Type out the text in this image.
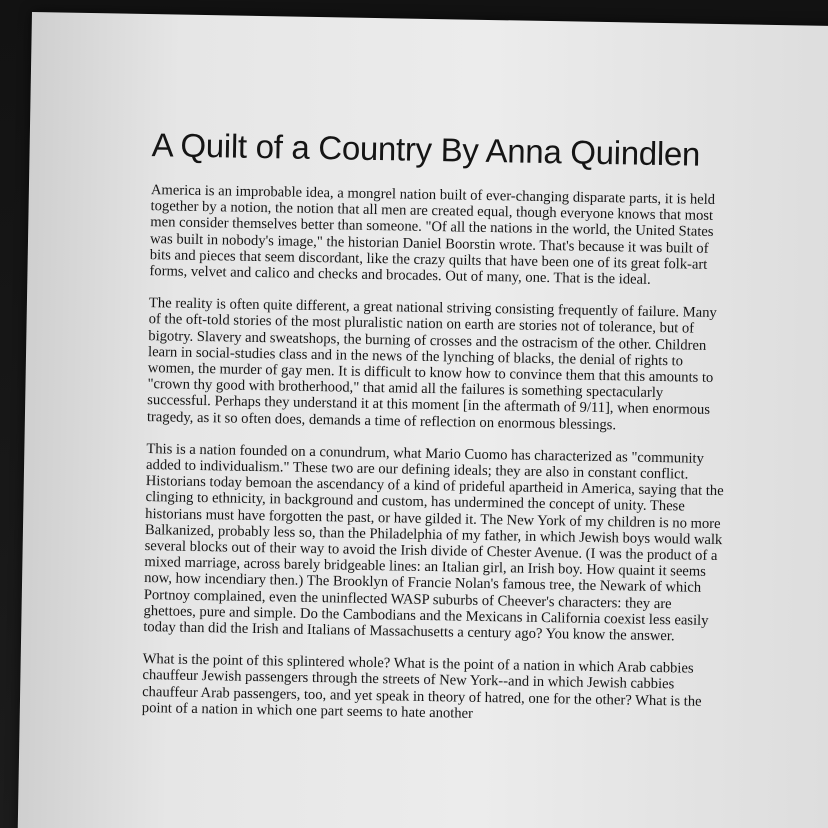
A Quilt of a Country By Anna Quindlen

America is an improbable idea, a mongrel nation built of ever-changing disparate parts, it is held together by a notion, the notion that all men are created equal, though everyone knows that most men consider themselves better than someone. "Of all the nations in the world, the United States was built in nobody's image," the historian Daniel Boorstin wrote. That's because it was built of bits and pieces that seem discordant, like the crazy quilts that have been one of its great folk-art forms, velvet and calico and checks and brocades. Out of many, one. That is the ideal.

The reality is often quite different, a great national striving consisting frequently of failure. Many of the oft-told stories of the most pluralistic nation on earth are stories not of tolerance, but of bigotry. Slavery and sweatshops, the burning of crosses and the ostracism of the other. Children learn in social-studies class and in the news of the lynching of blacks, the denial of rights to women, the murder of gay men. It is difficult to know how to convince them that this amounts to "crown thy good with brotherhood," that amid all the failures is something spectacularly successful. Perhaps they understand it at this moment [in the aftermath of 9/11], when enormous tragedy, as it so often does, demands a time of reflection on enormous blessings.

This is a nation founded on a conundrum, what Mario Cuomo has characterized as "community added to individualism." These two are our defining ideals; they are also in constant conflict. Historians today bemoan the ascendancy of a kind of prideful apartheid in America, saying that the clinging to ethnicity, in background and custom, has undermined the concept of unity. These historians must have forgotten the past, or have gilded it. The New York of my children is no more Balkanized, probably less so, than the Philadelphia of my father, in which Jewish boys would walk several blocks out of their way to avoid the Irish divide of Chester Avenue. (I was the product of a mixed marriage, across barely bridgeable lines: an Italian girl, an Irish boy. How quaint it seems now, how incendiary then.) The Brooklyn of Francie Nolan's famous tree, the Newark of which Portnoy complained, even the uninflected WASP suburbs of Cheever's characters: they are ghettoes, pure and simple. Do the Cambodians and the Mexicans in California coexist less easily today than did the Irish and Italians of Massachusetts a century ago? You know the answer.

What is the point of this splintered whole? What is the point of a nation in which Arab cabbies chauffeur Jewish passengers through the streets of New York--and in which Jewish cabbies chauffeur Arab passengers, too, and yet speak in theory of hatred, one for the other? What is the point of a nation in which one part seems to hate another
